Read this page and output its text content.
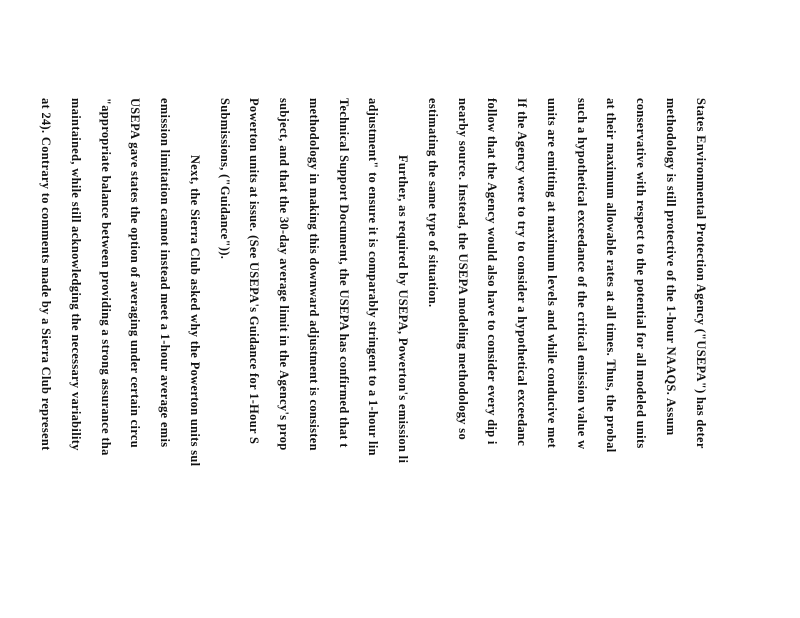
States Environmental Protection Agency ("USEPA") has deter
methodology is still protective of the 1-hour NAAQS. Assum
conservative with respect to the potential for all modeled units
at their maximum allowable rates at all times. Thus, the probal
such a hypothetical exceedance of the critical emission value w
units are emitting at maximum levels and while conducive met
If the Agency were to try to consider a hypothetical exceedanc
follow that the Agency would also have to consider every dip i
nearby source. Instead, the USEPA modeling methodology so
estimating the same type of situation.
Further, as required by USEPA, Powerton's emission li
adjustment" to ensure it is comparably stringent to a 1-hour lin
Technical Support Document, the USEPA has confirmed that t
methodology in making this downward adjustment is consisten
subject, and that the 30-day average limit in the Agency's prop
Powerton units at issue. (See USEPA's Guidance for 1-Hour S
Submissions, ("Guidance")).
Next, the Sierra Club asked why the Powerton units sul
emission limitation cannot instead meet a 1-hour average emis
USEPA gave states the option of averaging under certain circu
"appropriate balance between providing a strong assurance tha
maintained, while still acknowledging the necessary variability
at 24). Contrary to comments made by a Sierra Club represent
